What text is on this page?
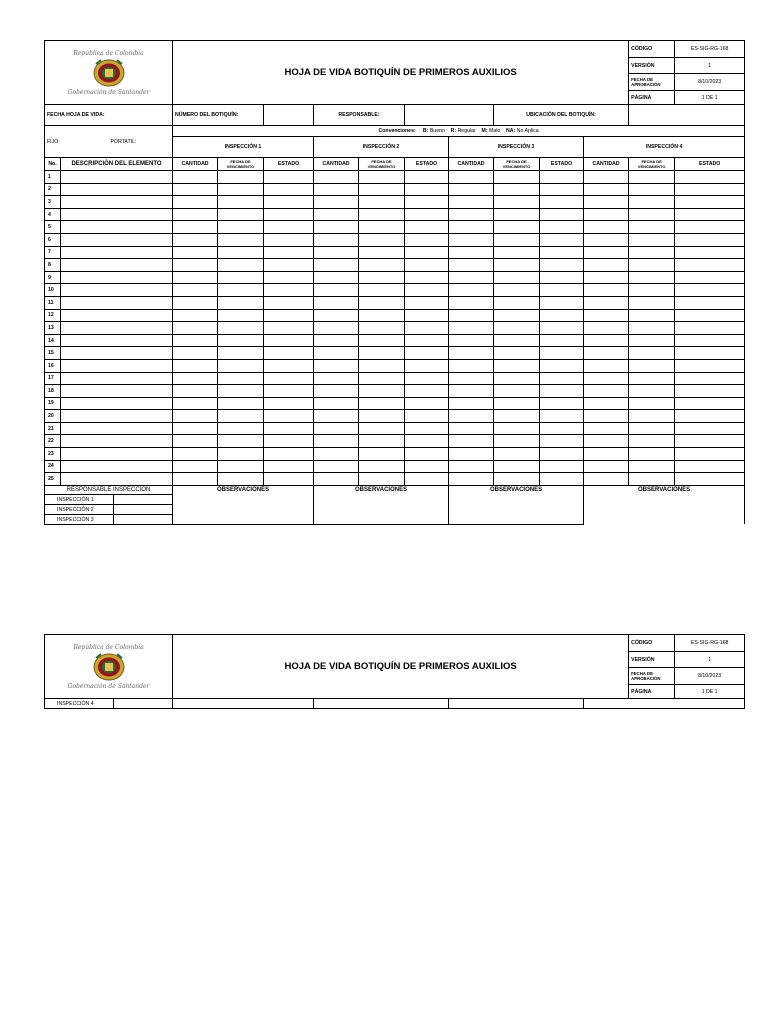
República de Colombia
Gobernación de Santander		HOJA DE VIDA BOTIQUÍN DE PRIMEROS AUXILIOS										CÓDIGO	ES-SIG-RG-168
												VERSIÓN	1
												FECHA DE APROBACIÓN	8/10/2023
												PÁGINA	1 DE 1
FECHA HOJA DE VIDA:		NÚMERO DEL BOTIQUÍN:			RESPONSABLE:				UBICACIÓN DEL BOTIQUÍN:				
FIJO:	PORTATIL:	Convenciones: B: Bueno R: Regular M: Malo NA: No Aplica											
		INSPECCIÓN 1			INSPECCIÓN 2			INSPECCIÓN 3			INSPECCIÓN 4		
No.	DESCRIPCIÓN DEL ELEMENTO	CANTIDAD	FECHA DE VENCIMIENTO	ESTADO	CANTIDAD	FECHA DE VENCIMIENTO	ESTADO	CANTIDAD	FECHA DE VENCIMIENTO	ESTADO	CANTIDAD	FECHA DE VENCIMIENTO	ESTADO
1													
2													
3													
4													
5													
6													
7													
8													
9													
10													
11													
12													
13													
14													
15													
16													
17													
18													
19													
20													
21													
22													
23													
24													
25													
RESPONSABLE INSPECCIÓN		OBSERVACIONES			OBSERVACIONES			OBSERVACIONES			OBSERVACIONES		
INSPECCIÓN 1													
INSPECCIÓN 2													
INSPECCIÓN 3													
República de Colombia
Gobernación de Santander	HOJA DE VIDA BOTIQUÍN DE PRIMEROS AUXILIOS				CÓDIGO	ES-SIG-RG-168
					VERSIÓN	1
					FECHA DE APROBACIÓN	8/10/2023
					PÁGINA	1 DE 1
INSPECCIÓN 4						
